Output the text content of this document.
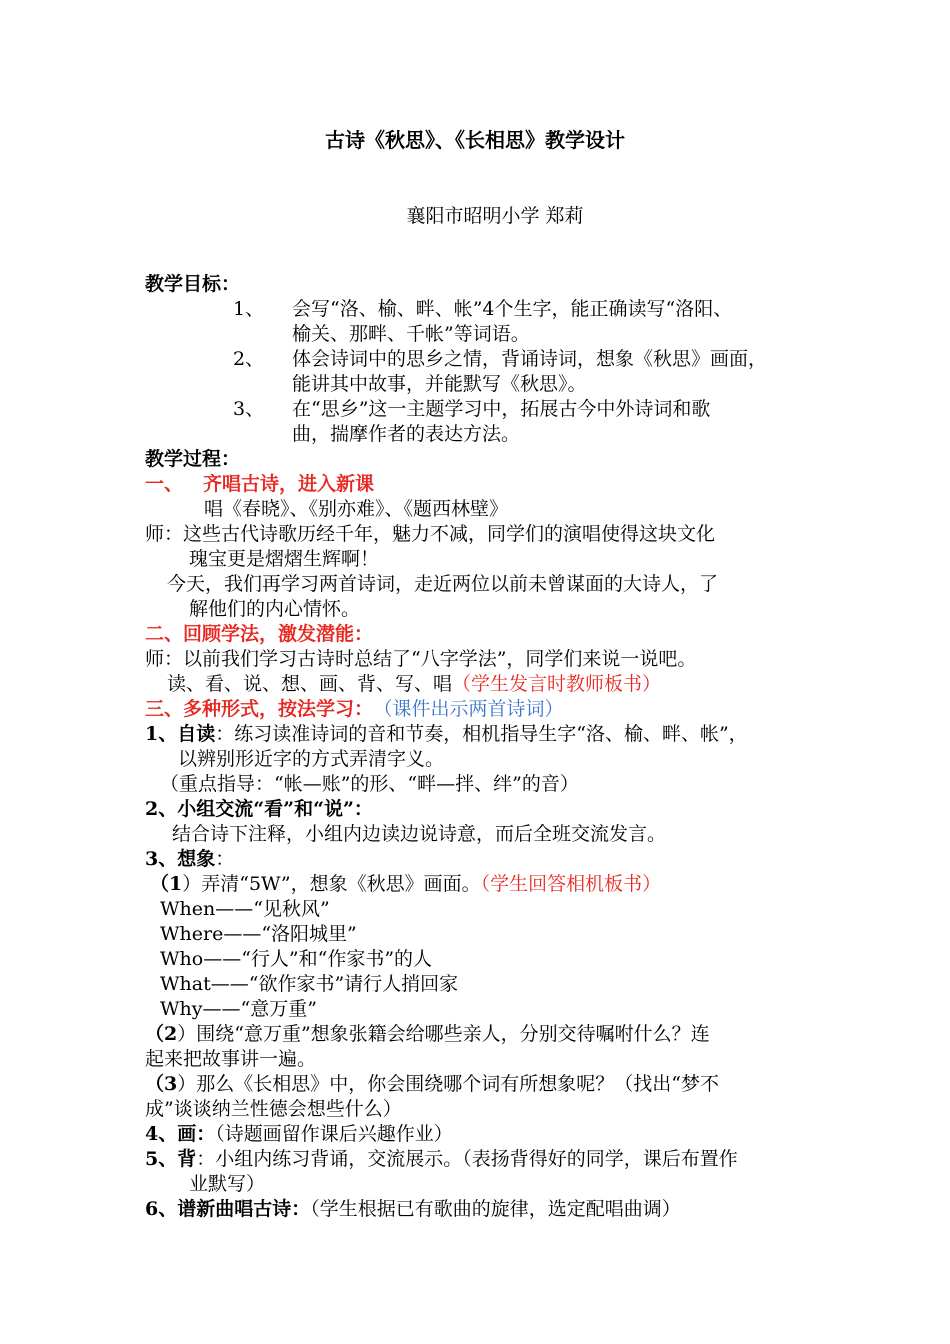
古诗《秋思》、《长相思》教学设计
襄阳市昭明小学 郑莉
教学目标：
1、 会写“洛、榆、畔、帐”4个生字，能正确读写“洛阳、
榆关、那畔、千帐”等词语。
2、 体会诗词中的思乡之情，背诵诗词，想象《秋思》画面，
能讲其中故事，并能默写《秋思》。
3、 在“思乡”这一主题学习中，拓展古今中外诗词和歌
曲，揣摩作者的表达方法。
教学过程：
一、 齐唱古诗，进入新课
唱《春晓》、《别亦难》、《题西林壁》
师：这些古代诗歌历经千年，魅力不减，同学们的演唱使得这块文化
瑰宝更是熠熠生辉啊！
今天，我们再学习两首诗词，走近两位以前未曾谋面的大诗人，了
解他们的内心情怀。
二、回顾学法，激发潜能：
师：以前我们学习古诗时总结了“八字学法”，同学们来说一说吧。
读、看、说、想、画、背、写、唱（学生发言时教师板书）
三、多种形式，按法学习： （课件出示两首诗词）
1、自读：练习读准诗词的音和节奏，相机指导生字“洛、榆、畔、帐”，
以辨别形近字的方式弄清字义。
（重点指导：“帐—账”的形、“畔—拌、绊”的音）
2、小组交流“看”和“说”：
结合诗下注释，小组内边读边说诗意，而后全班交流发言。
3、想象：
（1）弄清“5W”，想象《秋思》画面。（学生回答相机板书）
When——“见秋风”
Where——“洛阳城里”
Who——“行人”和“作家书”的人
What——“欲作家书”请行人捎回家
Why——“意万重”
（2）围绕“意万重”想象张籍会给哪些亲人，分别交待嘱咐什么？连
起来把故事讲一遍。
（3）那么《长相思》中，你会围绕哪个词有所想象呢？（找出“梦不
成”谈谈纳兰性德会想些什么）
4、画：（诗题画留作课后兴趣作业）
5、背：小组内练习背诵，交流展示。（表扬背得好的同学，课后布置作
业默写）
6、谱新曲唱古诗：（学生根据已有歌曲的旋律，选定配唱曲调）
